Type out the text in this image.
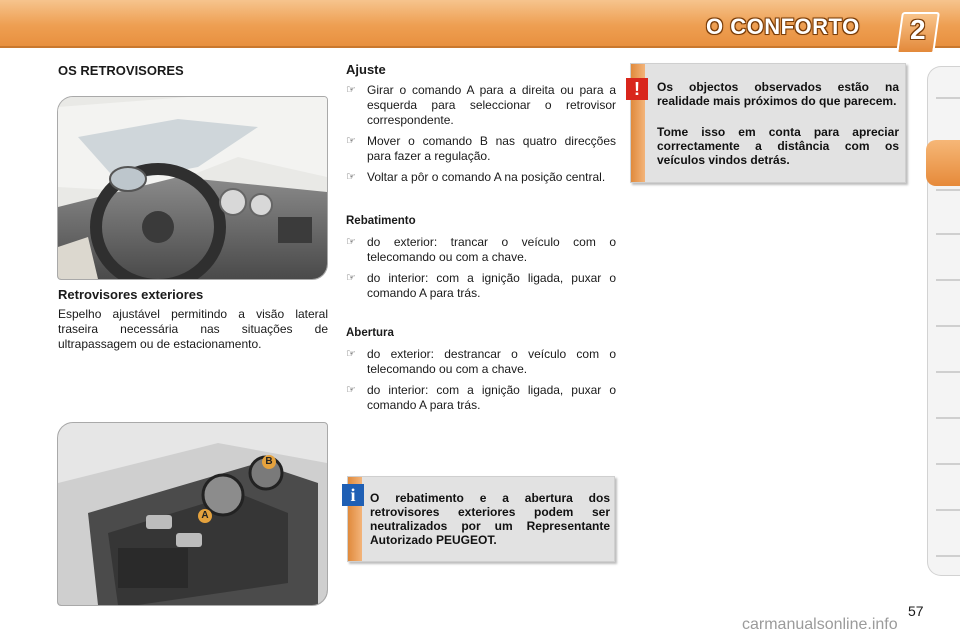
O CONFORTO 2
OS RETROVISORES
Retrovisores exteriores
Espelho ajustável permitindo a visão lateral traseira necessária nas situações de ultrapassagem ou de estacionamento.
A
B
Ajuste
☞ Girar o comando A para a direita ou para a esquerda para seleccionar o retrovisor correspondente.
☞ Mover o comando B nas quatro direcções para fazer a regulação.
☞ Voltar a pôr o comando A na posição central.
Rebatimento
☞ do exterior: trancar o veículo com o telecomando ou com a chave.
☞ do interior: com a ignição ligada, puxar o comando A para trás.
Abertura
☞ do exterior: destrancar o veículo com o telecomando ou com a chave.
☞ do interior: com a ignição ligada, puxar o comando A para trás.
Os objectos observados estão na realidade mais próximos do que parecem.
Tome isso em conta para apreciar correctamente a distância com os veículos vindos detrás.
!
O rebatimento e a abertura dos retrovisores exteriores podem ser neutralizados por um Representante Autorizado PEUGEOT.
i
57
carmanualsonline.info
